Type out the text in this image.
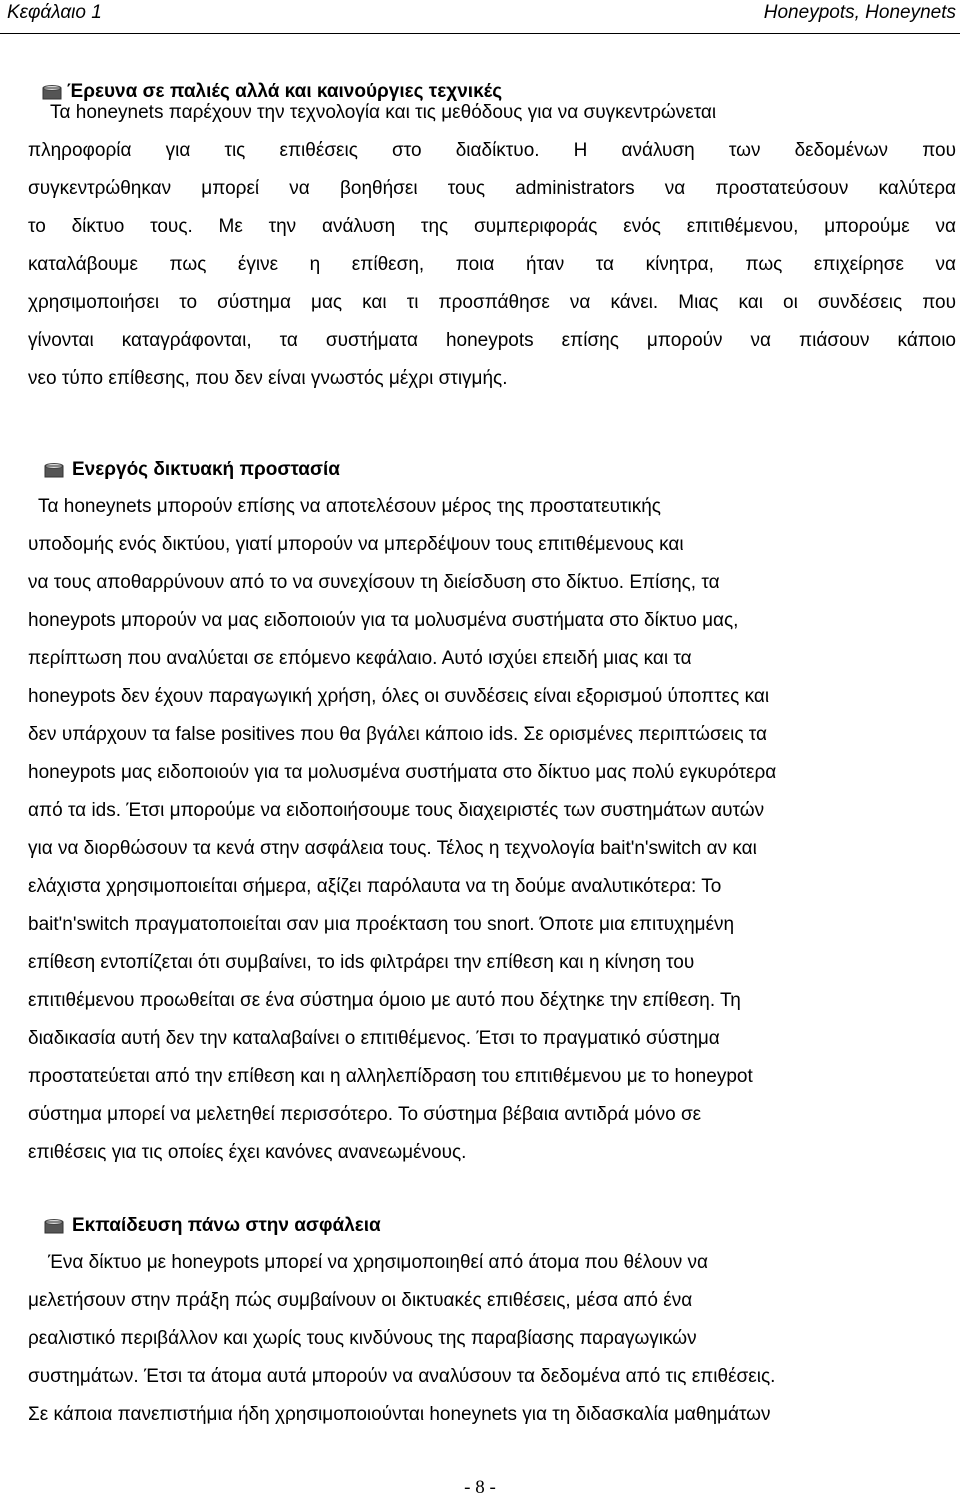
Κεφάλαιο 1	Honeypots, Honeynets
Έρευνα σε παλιές αλλά και καινούργιες τεχνικές
Τα honeynets παρέχουν την τεχνολογία και τις μεθόδους για να συγκεντρώνεται
πληροφορία για τις επιθέσεις στο διαδίκτυο. Η ανάλυση των δεδομένων που
συγκεντρώθηκαν μπορεί να βοηθήσει τους administrators να προστατεύσουν καλύτερα
το δίκτυο τους. Με την ανάλυση της συμπεριφοράς ενός επιτιθέμενου, μπορούμε να
καταλάβουμε πως έγινε η επίθεση, ποια ήταν τα κίνητρα, πως επιχείρησε να
χρησιμοποιήσει το σύστημα μας και τι προσπάθησε να κάνει. Μιας και οι συνδέσεις που
γίνονται καταγράφονται, τα συστήματα honeypots επίσης μπορούν να πιάσουν κάποιο
νεο τύπο επίθεσης, που δεν είναι γνωστός μέχρι στιγμής.
Ενεργός δικτυακή προστασία
Τα honeynets μπορούν επίσης να αποτελέσουν μέρος της προστατευτικής
υποδομής ενός δικτύου, γιατί μπορούν να μπερδέψουν τους επιτιθέμενους και
να τους αποθαρρύνουν από το να συνεχίσουν τη διείσδυση στο δίκτυο. Επίσης, τα
honeypots μπορούν να μας ειδοποιούν για τα μολυσμένα συστήματα στο δίκτυο μας,
περίπτωση που αναλύεται σε επόμενο κεφάλαιο. Αυτό ισχύει επειδή μιας και τα
honeypots δεν έχουν παραγωγική χρήση, όλες οι συνδέσεις είναι εξορισμού ύποπτες και
δεν υπάρχουν τα false positives που θα βγάλει κάποιο ids. Σε ορισμένες περιπτώσεις τα
honeypots μας ειδοποιούν για τα μολυσμένα συστήματα στο δίκτυο μας πολύ εγκυρότερα
από τα ids. Έτσι μπορούμε να ειδοποιήσουμε τους διαχειριστές των συστημάτων αυτών
για να διορθώσουν τα κενά στην ασφάλεια τους. Τέλος η τεχνολογία bait'n'switch αν και
ελάχιστα χρησιμοποιείται σήμερα, αξίζει παρόλαυτα να τη δούμε αναλυτικότερα: Το
bait'n'switch πραγματοποιείται σαν μια προέκταση του snort. Όποτε μια επιτυχημένη
επίθεση εντοπίζεται ότι συμβαίνει, το ids φιλτράρει την επίθεση και η κίνηση του
επιτιθέμενου προωθείται σε ένα σύστημα όμοιο με αυτό που δέχτηκε την επίθεση. Τη
διαδικασία αυτή δεν την καταλαβαίνει ο επιτιθέμενος. Έτσι το πραγματικό σύστημα
προστατεύεται από την επίθεση και η αλληλεπίδραση του επιτιθέμενου με το honeypot
σύστημα μπορεί να μελετηθεί περισσότερο. Το σύστημα βέβαια αντιδρά μόνο σε
επιθέσεις για τις οποίες έχει κανόνες ανανεωμένους.
Εκπαίδευση πάνω στην ασφάλεια
Ένα δίκτυο με honeypots μπορεί να χρησιμοποιηθεί από άτομα που θέλουν να
μελετήσουν στην πράξη πώς συμβαίνουν οι δικτυακές επιθέσεις, μέσα από ένα
ρεαλιστικό περιβάλλον και χωρίς τους κινδύνους της παραβίασης παραγωγικών
συστημάτων. Έτσι τα άτομα αυτά μπορούν να αναλύσουν τα δεδομένα από τις επιθέσεις.
Σε κάποια πανεπιστήμια ήδη χρησιμοποιούνται honeynets για τη διδασκαλία μαθημάτων
- 8 -
